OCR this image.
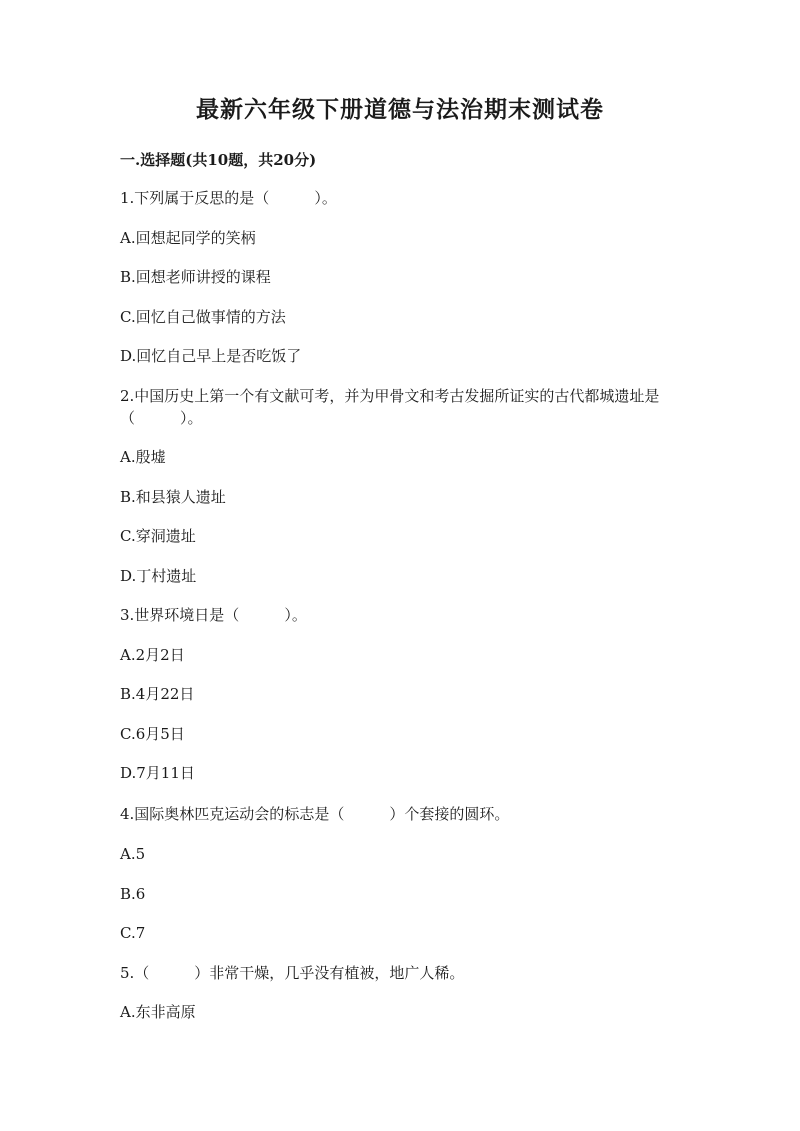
最新六年级下册道德与法治期末测试卷
一.选择题(共10题，共20分)
1.下列属于反思的是（　　　）。
A.回想起同学的笑柄
B.回想老师讲授的课程
C.回忆自己做事情的方法
D.回忆自己早上是否吃饭了
2.中国历史上第一个有文献可考，并为甲骨文和考古发掘所证实的古代都城遗址是（　　　）。
A.殷墟
B.和县猿人遗址
C.穿洞遗址
D.丁村遗址
3.世界环境日是（　　　）。
A.2月2日
B.4月22日
C.6月5日
D.7月11日
4.国际奥林匹克运动会的标志是（　　　）个套接的圆环。
A.5
B.6
C.7
5.（　　　）非常干燥，几乎没有植被，地广人稀。
A.东非高原
